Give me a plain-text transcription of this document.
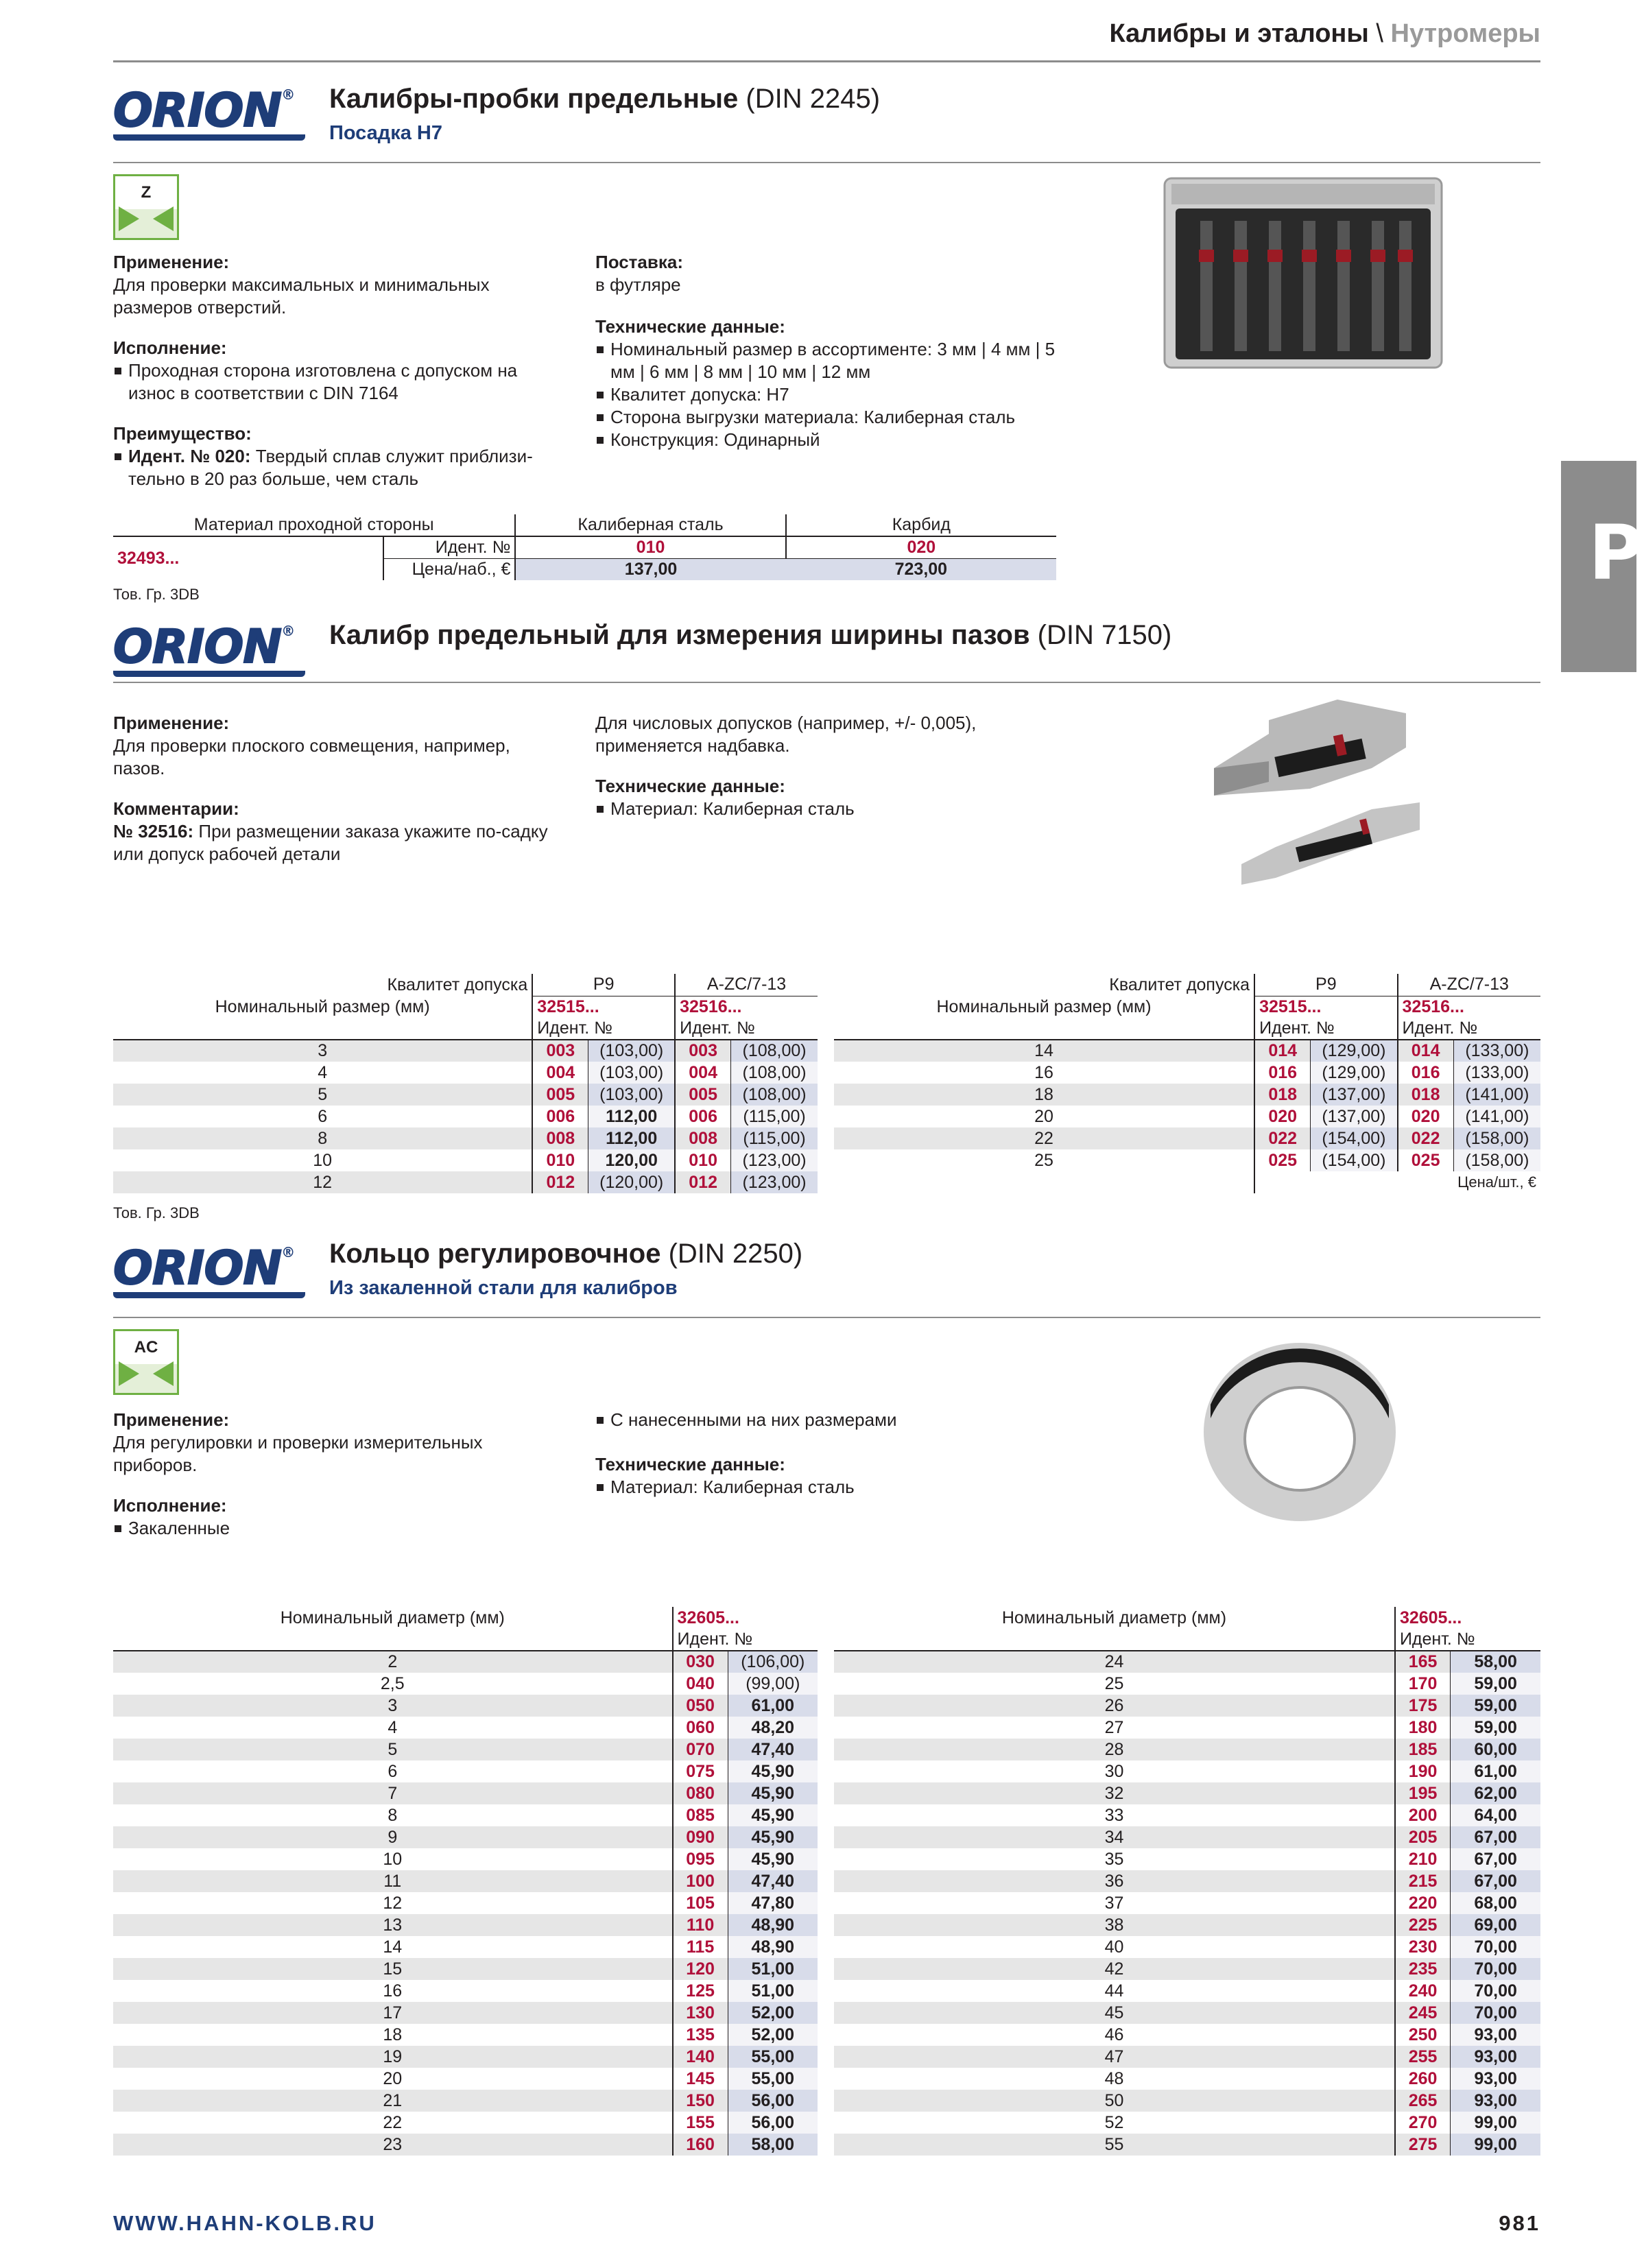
Калибры и эталоны \ Нутромеры
P
ORION®	Калибры-пробки предельные (DIN 2245)
Посадка H7
Z
Применение:
Для проверки максимальных и минимальных размеров отверстий.
Исполнение:
Проходная сторона изготовлена с допуском на износ в соответствии с DIN 7164
Преимущество:
Идент. № 020: Твердый сплав служит приблизи-тельно в 20 раз больше, чем сталь
Поставка:
в футляре
Технические данные:
Номинальный размер в ассортименте: 3 мм | 4 мм | 5 мм | 6 мм | 8 мм | 10 мм | 12 мм
Квалитет допуска: H7
Сторона выгрузки материала: Калиберная сталь
Конструкция: Одинарный
Материал проходной стороны		Калиберная сталь	Карбид
32493...	Идент. №	010	020
	Цена/наб., €	137,00	723,00
Тов. Гр. 3DB
ORION®	Калибр предельный для измерения ширины пазов (DIN 7150)
Применение:
Для проверки плоского совмещения, например, пазов.
Комментарии:
№ 32516: При размещении заказа укажите по-садку или допуск рабочей детали
Для числовых допусков (например, +/- 0,005), применяется надбавка.
Технические данные:
Материал: Калиберная сталь
Квалитет допуска	P9		A-ZC/7-13	
Номинальный размер (мм)	32515...		32516...	
	Идент. №		Идент. №	
3	003	(103,00)	003	(108,00)
4	004	(103,00)	004	(108,00)
5	005	(103,00)	005	(108,00)
6	006	112,00	006	(115,00)
8	008	112,00	008	(115,00)
10	010	120,00	010	(123,00)
12	012	(120,00)	012	(123,00)
Квалитет допуска	P9		A-ZC/7-13	
Номинальный размер (мм)	32515...		32516...	
	Идент. №		Идент. №	
14	014	(129,00)	014	(133,00)
16	016	(129,00)	016	(133,00)
18	018	(137,00)	018	(141,00)
20	020	(137,00)	020	(141,00)
22	022	(154,00)	022	(158,00)
25	025	(154,00)	025	(158,00)
	Цена/шт., €			
Тов. Гр. 3DB
ORION®	Кольцо регулировочное (DIN 2250)
Из закаленной стали для калибров
AC
Применение:
Для регулировки и проверки измерительных приборов.
Исполнение:
Закаленные
С нанесенными на них размерами
Технические данные:
Материал: Калиберная сталь
Номинальный диаметр (мм)	32605...	
	Идент. №	
2	030	(106,00)
2,5	040	(99,00)
3	050	61,00
4	060	48,20
5	070	47,40
6	075	45,90
7	080	45,90
8	085	45,90
9	090	45,90
10	095	45,90
11	100	47,40
12	105	47,80
13	110	48,90
14	115	48,90
15	120	51,00
16	125	51,00
17	130	52,00
18	135	52,00
19	140	55,00
20	145	55,00
21	150	56,00
22	155	56,00
23	160	58,00
Номинальный диаметр (мм)	32605...	
	Идент. №	
24	165	58,00
25	170	59,00
26	175	59,00
27	180	59,00
28	185	60,00
30	190	61,00
32	195	62,00
33	200	64,00
34	205	67,00
35	210	67,00
36	215	67,00
37	220	68,00
38	225	69,00
40	230	70,00
42	235	70,00
44	240	70,00
45	245	70,00
46	250	93,00
47	255	93,00
48	260	93,00
50	265	93,00
52	270	99,00
55	275	99,00
WWW.HAHN-KOLB.RU	981
